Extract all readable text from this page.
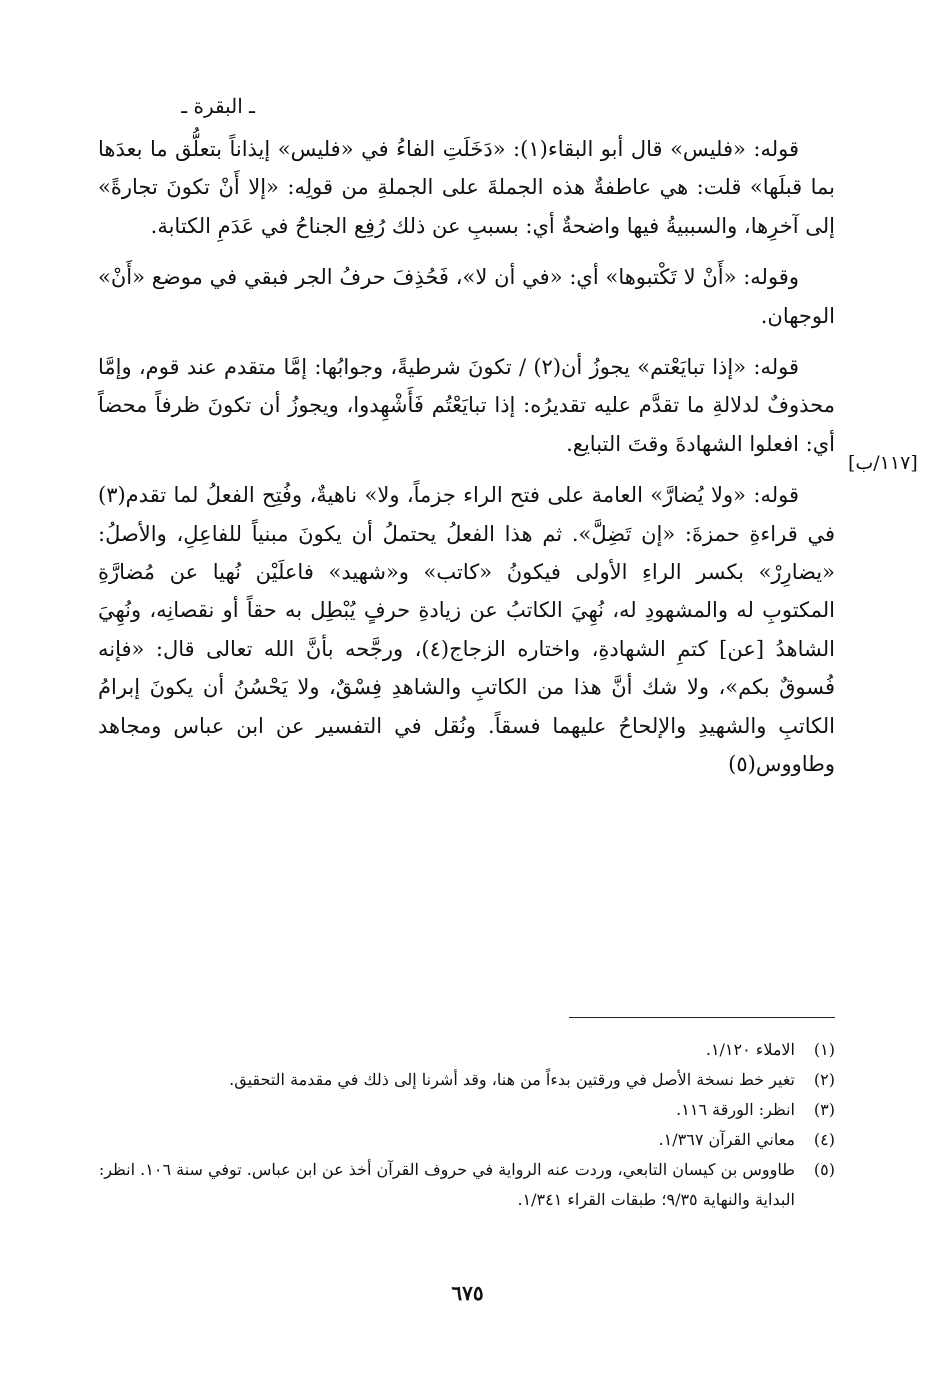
ـ البقرة ـ
[١١٧/ب]

قوله: «فليس» قال أبو البقاء(١): «دَخَلَتِ الفاءُ في «فليس» إيذاناً بتعلُّق ما بعدَها بما قبلَها» قلت: هي عاطفةٌ هذه الجملةَ على الجملةِ من قولِه: «إلا أَنْ تكونَ تجارةً» إلى آخرِها، والسببيةُ فيها واضحةٌ أي: بسببِ عن ذلك رُفِع الجناحُ في عَدَمِ الكتابة.

وقوله: «أَنْ لا تَكْتبوها» أي: «في أن لا»، فَحُذِفَ حرفُ الجر فبقي في موضع «أَنْ» الوجهان.

قوله: «إذا تبايَعْتم» يجوزُ أن(٢) / تكونَ شرطيةً، وجوابُها: إمَّا متقدم عند قوم، وإمَّا محذوفٌ لدلالةِ ما تقدَّم عليه تقديرُه: إذا تبايَعْتُم فَأَشْهِدوا، ويجوزُ أن تكونَ ظرفاً محضاً أي: افعلوا الشهادةَ وقتَ التبايع.

قوله: «ولا يُضارَّ» العامة على فتح الراء جزماً، ولا» ناهيةٌ، وفُتِح الفعلُ لما تقدم(٣) في قراءةِ حمزةَ: «إن تَضِلَّ». ثم هذا الفعلُ يحتملُ أن يكونَ مبنياً للفاعِلِ، والأصلُ: «يضارِرْ» بكسر الراءِ الأولى فيكونُ «كاتب» و«شهيد» فاعلَيْن نُهيا عن مُضارَّةِ المكتوبِ له والمشهودِ له، نُهِيَ الكاتبُ عن زيادةِ حرفٍ يُبْطِل به حقاً أو نقصانِه، ونُهِيَ الشاهدُ [عن] كتمِ الشهادةِ، واختاره الزجاج(٤)، ورجَّحه بأنَّ الله تعالى قال: «فإنه فُسوقٌ بكم»، ولا شك أنَّ هذا من الكاتبِ والشاهدِ فِسْقٌ، ولا يَحْسُنُ أن يكونَ إبرامُ الكاتبِ والشهيدِ والإلحاحُ عليهما فسقاً. ونُقل في التفسير عن ابن عباس ومجاهد وطاووس(٥)

(١)
الاملاء ١/١٢٠.
(٢)
تغير خط نسخة الأصل في ورقتين بدءاً من هنا، وقد أشرنا إلى ذلك في مقدمة التحقيق.
(٣)
انظر: الورقة ١١٦.
(٤)
معاني القرآن ١/٣٦٧.
(٥)
طاووس بن كيسان التابعي، وردت عنه الرواية في حروف القرآن أخذ عن ابن عباس. توفي سنة ١٠٦. انظر: البداية والنهاية ٩/٣٥؛ طبقات القراء ١/٣٤١.
٦٧٥
